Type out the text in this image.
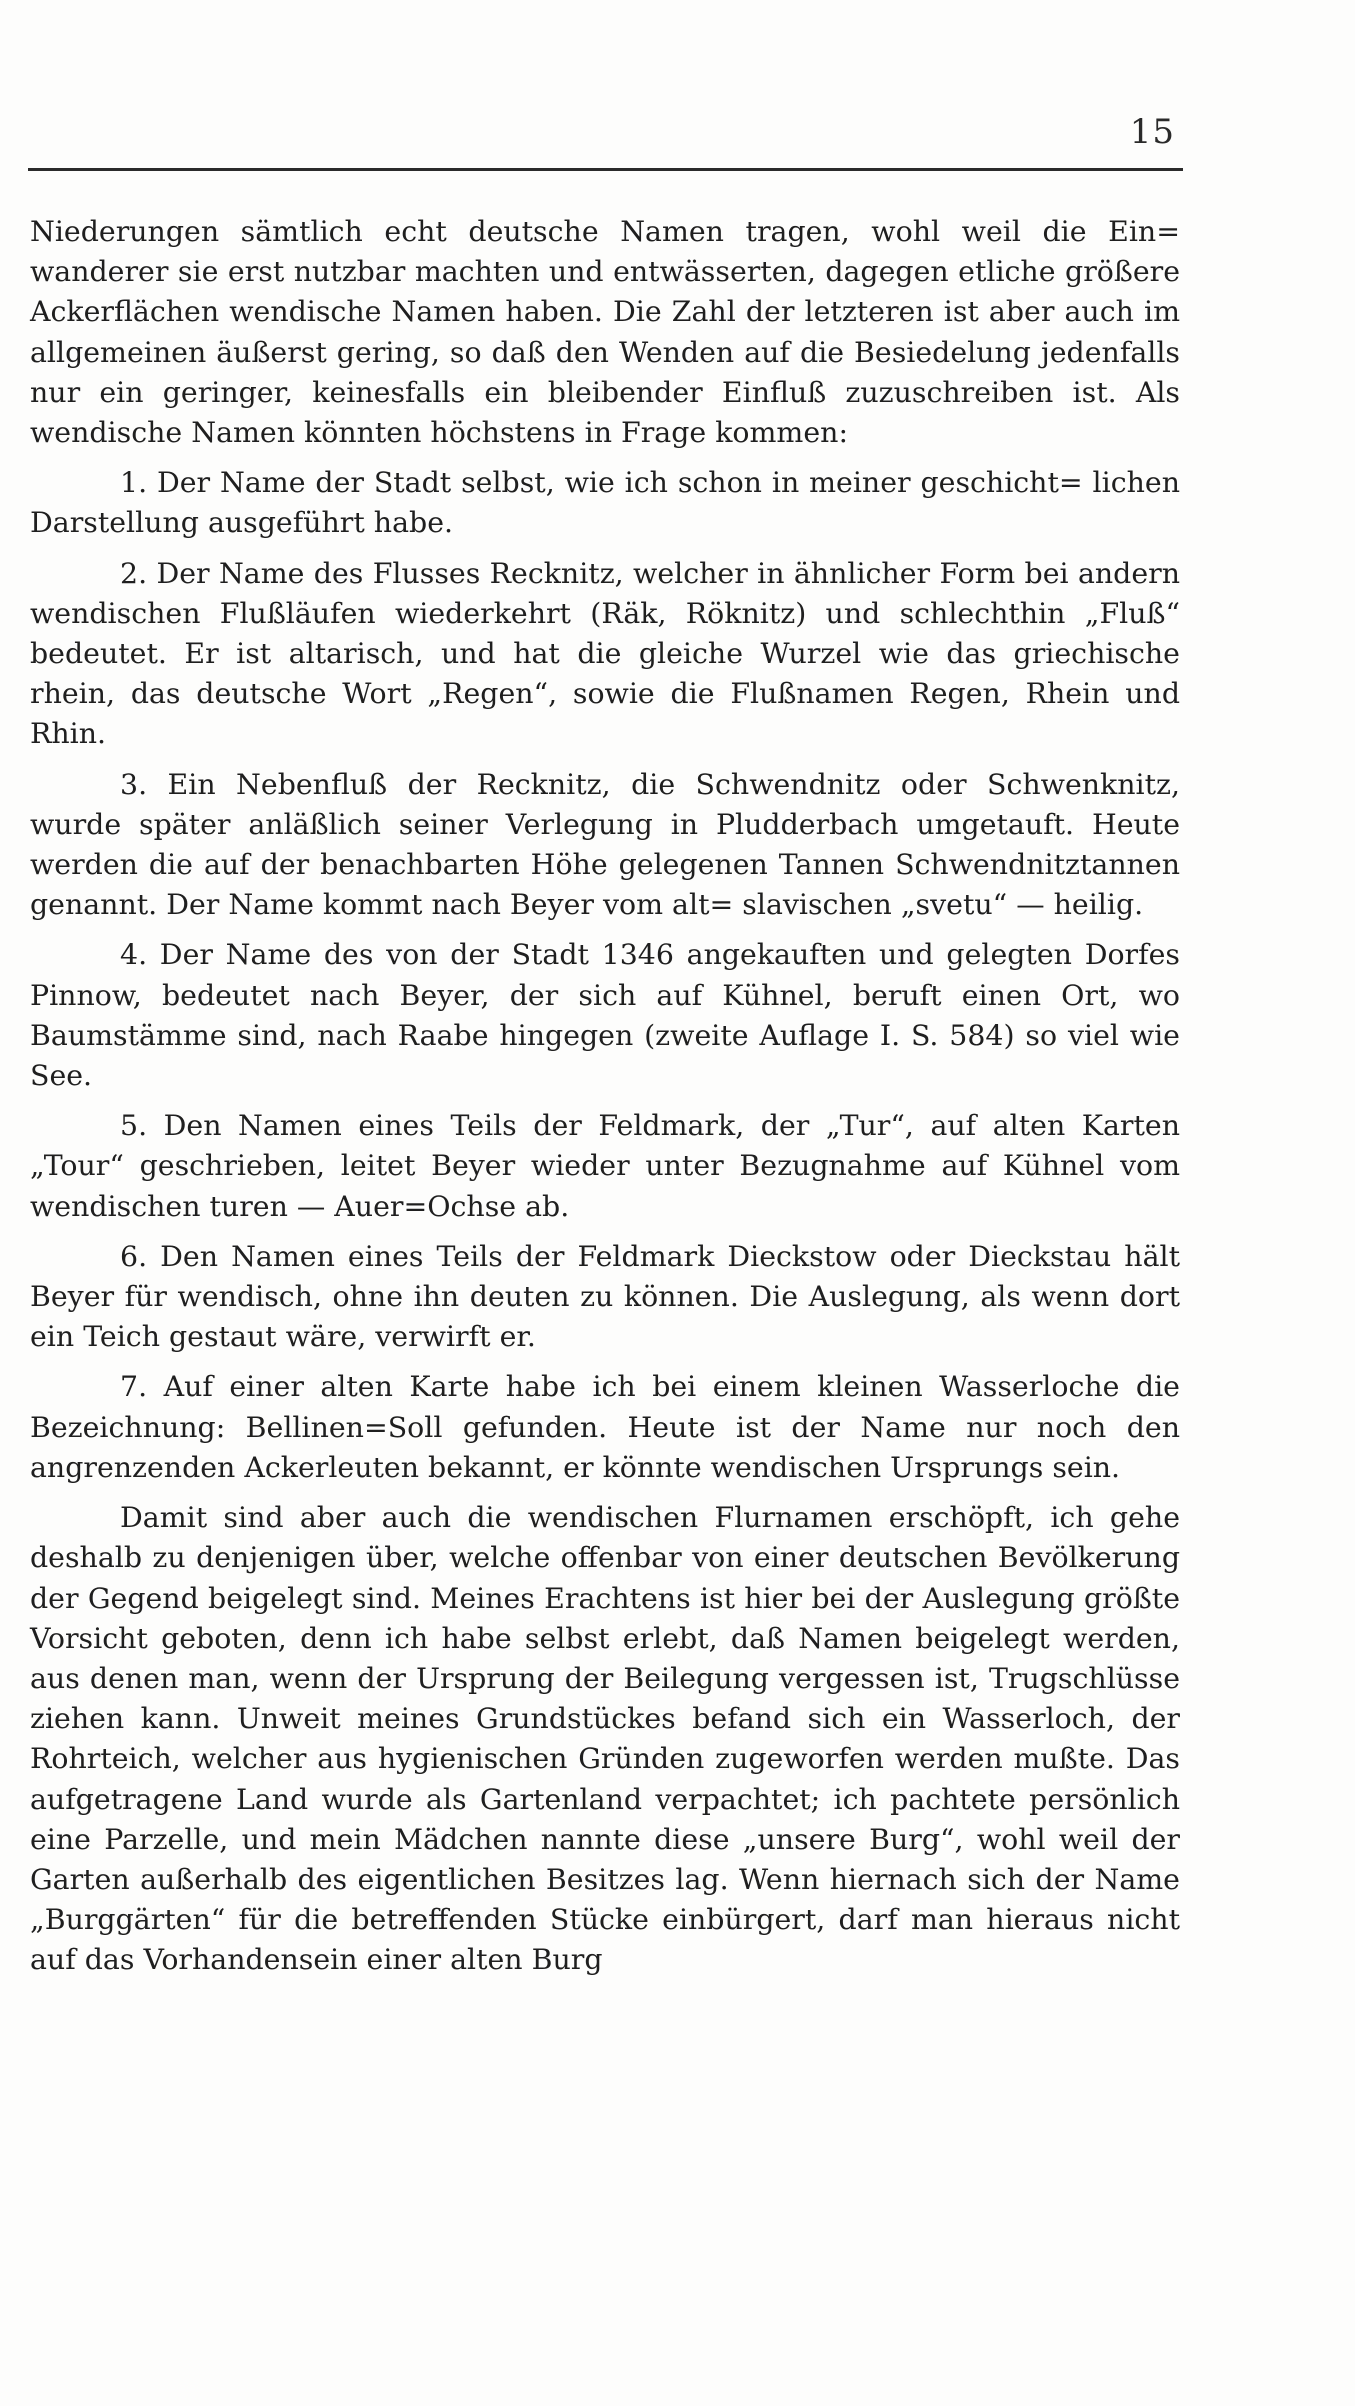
15

Niederungen sämtlich echt deutsche Namen tragen, wohl weil die Ein= wanderer sie erst nutzbar machten und entwässerten, dagegen etliche größere Ackerflächen wendische Namen haben. Die Zahl der letzteren ist aber auch im allgemeinen äußerst gering, so daß den Wenden auf die Besiedelung jedenfalls nur ein geringer, keinesfalls ein bleibender Einfluß zuzuschreiben ist. Als wendische Namen könnten höchstens in Frage kommen:

1. Der Name der Stadt selbst, wie ich schon in meiner geschicht= lichen Darstellung ausgeführt habe.

2. Der Name des Flusses Recknitz, welcher in ähnlicher Form bei andern wendischen Flußläufen wiederkehrt (Räk, Röknitz) und schlechthin „Fluß“ bedeutet. Er ist altarisch, und hat die gleiche Wurzel wie das griechische rhein, das deutsche Wort „Regen“, sowie die Flußnamen Regen, Rhein und Rhin.

3. Ein Nebenfluß der Recknitz, die Schwendnitz oder Schwenknitz, wurde später anläßlich seiner Verlegung in Pludderbach umgetauft. Heute werden die auf der benachbarten Höhe gelegenen Tannen Schwendnitztannen genannt. Der Name kommt nach Beyer vom alt= slavischen „svetu“ — heilig.

4. Der Name des von der Stadt 1346 angekauften und gelegten Dorfes Pinnow, bedeutet nach Beyer, der sich auf Kühnel, beruft einen Ort, wo Baumstämme sind, nach Raabe hingegen (zweite Auflage I. S. 584) so viel wie See.

5. Den Namen eines Teils der Feldmark, der „Tur“, auf alten Karten „Tour“ geschrieben, leitet Beyer wieder unter Bezugnahme auf Kühnel vom wendischen turen — Auer=Ochse ab.

6. Den Namen eines Teils der Feldmark Dieckstow oder Dieckstau hält Beyer für wendisch, ohne ihn deuten zu können. Die Auslegung, als wenn dort ein Teich gestaut wäre, verwirft er.

7. Auf einer alten Karte habe ich bei einem kleinen Wasserloche die Bezeichnung: Bellinen=Soll gefunden. Heute ist der Name nur noch den angrenzenden Ackerleuten bekannt, er könnte wendischen Ursprungs sein.

Damit sind aber auch die wendischen Flurnamen erschöpft, ich gehe deshalb zu denjenigen über, welche offenbar von einer deutschen Bevölkerung der Gegend beigelegt sind. Meines Erachtens ist hier bei der Auslegung größte Vorsicht geboten, denn ich habe selbst erlebt, daß Namen beigelegt werden, aus denen man, wenn der Ursprung der Beilegung vergessen ist, Trugschlüsse ziehen kann. Unweit meines Grundstückes befand sich ein Wasserloch, der Rohrteich, welcher aus hygienischen Gründen zugeworfen werden mußte. Das aufgetragene Land wurde als Gartenland verpachtet; ich pachtete persönlich eine Parzelle, und mein Mädchen nannte diese „unsere Burg“, wohl weil der Garten außerhalb des eigentlichen Besitzes lag. Wenn hiernach sich der Name „Burggärten“ für die betreffenden Stücke einbürgert, darf man hieraus nicht auf das Vorhandensein einer alten Burg
